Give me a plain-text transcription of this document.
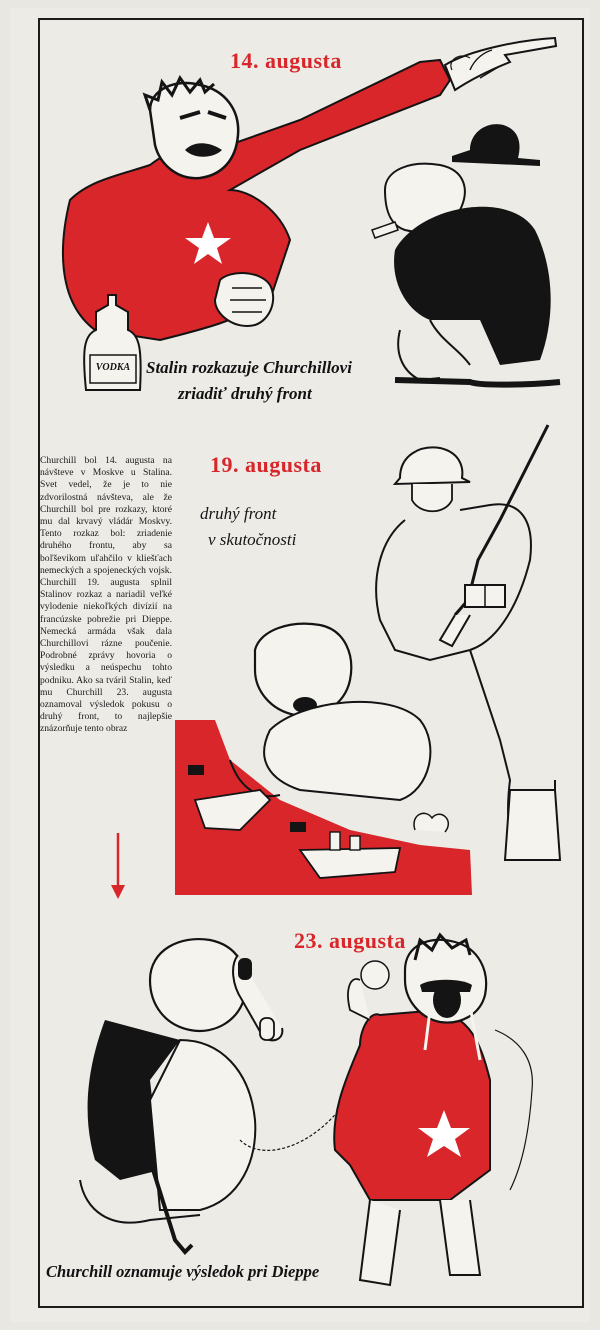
14. augusta
VODKA Stalin rozkazuje Churchillovi
zriadiť druhý front
19. augusta
druhý front
v skutočnosti
Churchill bol 14. augusta na návšteve v Moskve u Stalina. Svet vedel, že je to nie zdvorilostná návšteva, ale že Churchill bol pre rozkazy, ktoré mu dal krvavý vládár Moskvy. Tento rozkaz bol: zriadenie druhého frontu, aby sa boľševikom uľahčilo v kliešťach nemeckých a spojeneckých vojsk. Churchill 19. augusta splnil Stalinov rozkaz a nariadil veľké vylodenie niekoľkých divízií na francúzske pobrežie pri Dieppe. Nemecká armáda však dala Churchillovi rázne poučenie. Podrobné zprávy hovoria o výsledku a neúspechu tohto podniku. Ako sa tváril Stalin, keď mu Churchill 23. augusta oznamoval výsledok pokusu o druhý front, to najlepšie znázorňuje tento obraz
23. augusta
Churchill oznamuje výsledok pri Dieppe
